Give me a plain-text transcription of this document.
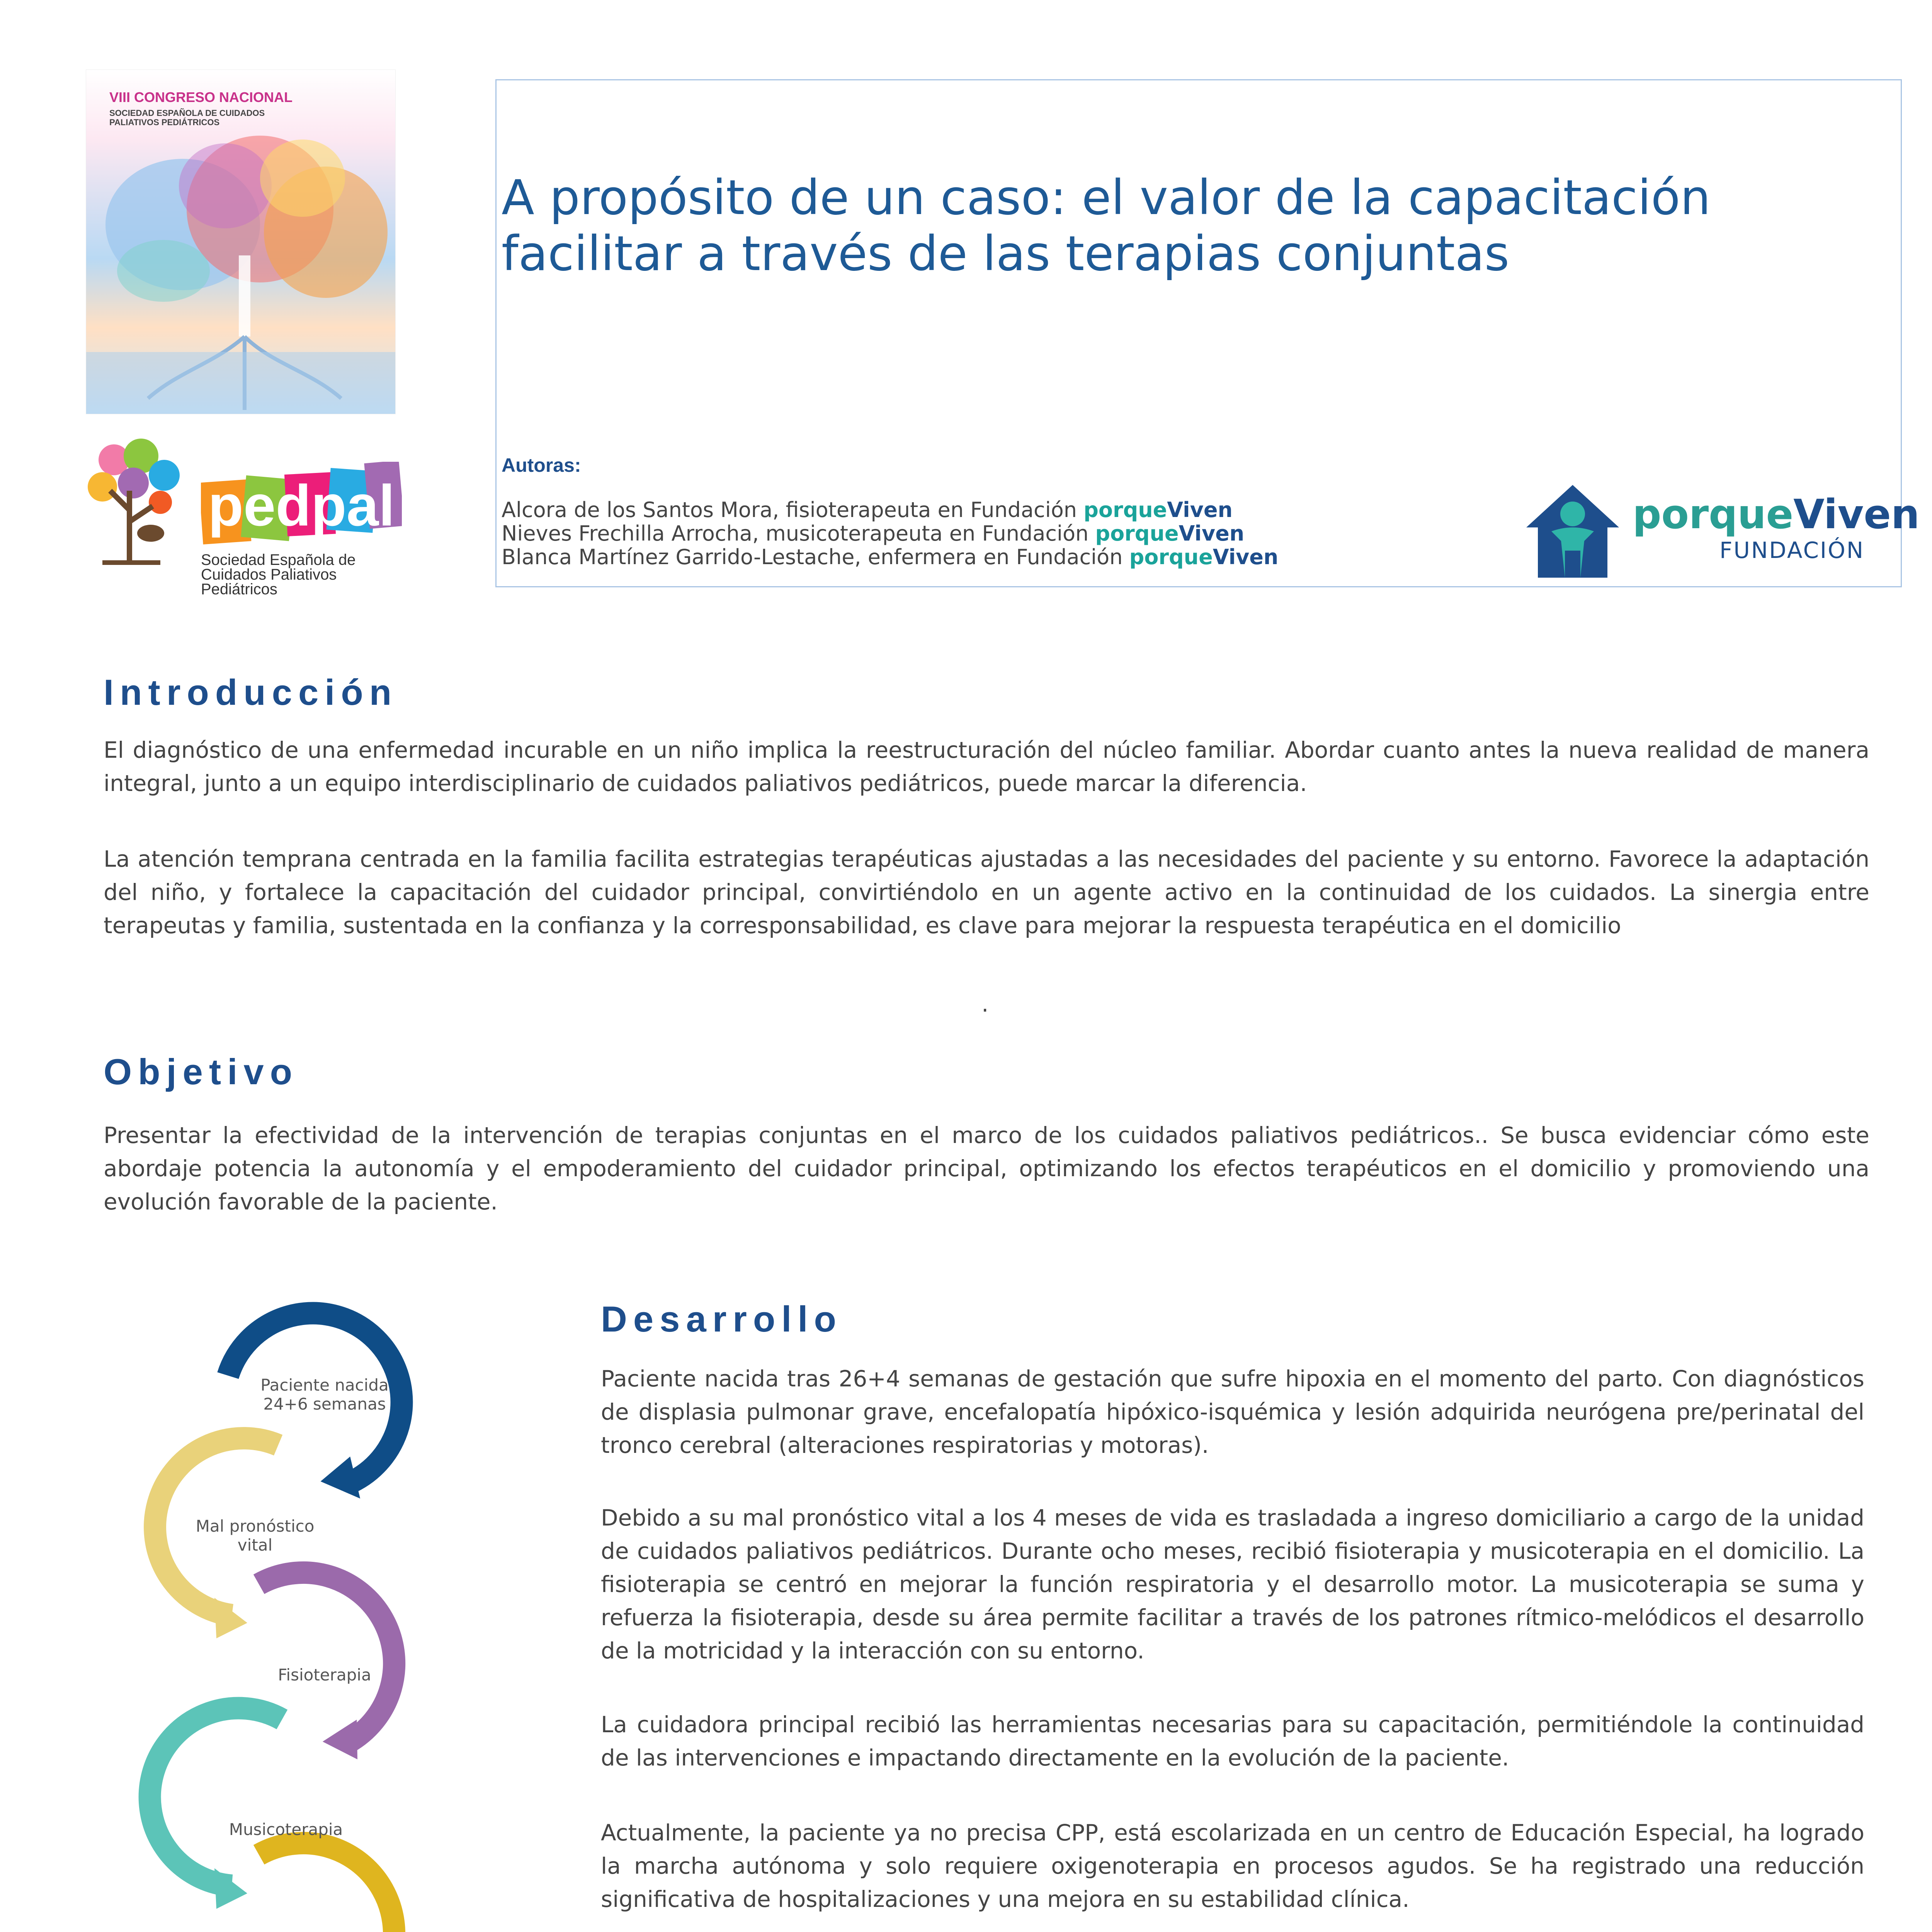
VIII CONGRESO NACIONAL
SOCIEDAD ESPAÑOLA DE CUIDADOS PALIATIVOS PEDIÁTRICOS
A propósito de un caso: el valor de la capacitación facilitar a través de las terapias conjuntas
Autoras:
Alcora de los Santos Mora, fisioterapeuta en Fundación porqueViven
Nieves Frechilla Arrocha, musicoterapeuta en Fundación porqueViven
Blanca Martínez Garrido-Lestache, enfermera en Fundación porqueViven
porqueViven
FUNDACIÓN
pedpal
Sociedad Española de Cuidados Paliativos Pediátricos
Introducción
El diagnóstico de una enfermedad incurable en un niño implica la reestructuración del núcleo familiar. Abordar cuanto antes la nueva realidad de manera integral, junto a un equipo interdisciplinario de cuidados paliativos pediátricos, puede marcar la diferencia.
La atención temprana centrada en la familia facilita estrategias terapéuticas ajustadas a las necesidades del paciente y su entorno. Favorece la adaptación del niño, y fortalece la capacitación del cuidador principal, convirtiéndolo en un agente activo en la continuidad de los cuidados. La sinergia entre terapeutas y familia, sustentada en la confianza y la corresponsabilidad, es clave para mejorar la respuesta terapéutica en el domicilio
.
Objetivo
Presentar la efectividad de la intervención de terapias conjuntas en el marco de los cuidados paliativos pediátricos.. Se busca evidenciar cómo este abordaje potencia la autonomía y el empoderamiento del cuidador principal, optimizando los efectos terapéuticos en el domicilio y promoviendo una evolución favorable de la paciente.
Paciente nacida 24+6 semanas
Mal pronóstico vital
Fisioterapia
Musicoterapia
Desarrollo
Paciente nacida tras 26+4 semanas de gestación que sufre hipoxia en el momento del parto. Con diagnósticos de displasia pulmonar grave, encefalopatía hipóxico-isquémica y lesión adquirida neurógena pre/perinatal del tronco cerebral (alteraciones respiratorias y motoras).
Debido a su mal pronóstico vital a los 4 meses de vida es trasladada a ingreso domiciliario a cargo de la unidad de cuidados paliativos pediátricos. Durante ocho meses, recibió fisioterapia y musicoterapia en el domicilio. La fisioterapia se centró en mejorar la función respiratoria y el desarrollo motor. La musicoterapia se suma y refuerza la fisioterapia, desde su área permite facilitar a través de los patrones rítmico-melódicos el desarrollo de la motricidad y la interacción con su entorno.
La cuidadora principal recibió las herramientas necesarias para su capacitación, permitiéndole la continuidad de las intervenciones e impactando directamente en la evolución de la paciente.
Actualmente, la paciente ya no precisa CPP, está escolarizada en un centro de Educación Especial, ha logrado la marcha autónoma y solo requiere oxigenoterapia en procesos agudos. Se ha registrado una reducción significativa de hospitalizaciones y una mejora en su estabilidad clínica.
